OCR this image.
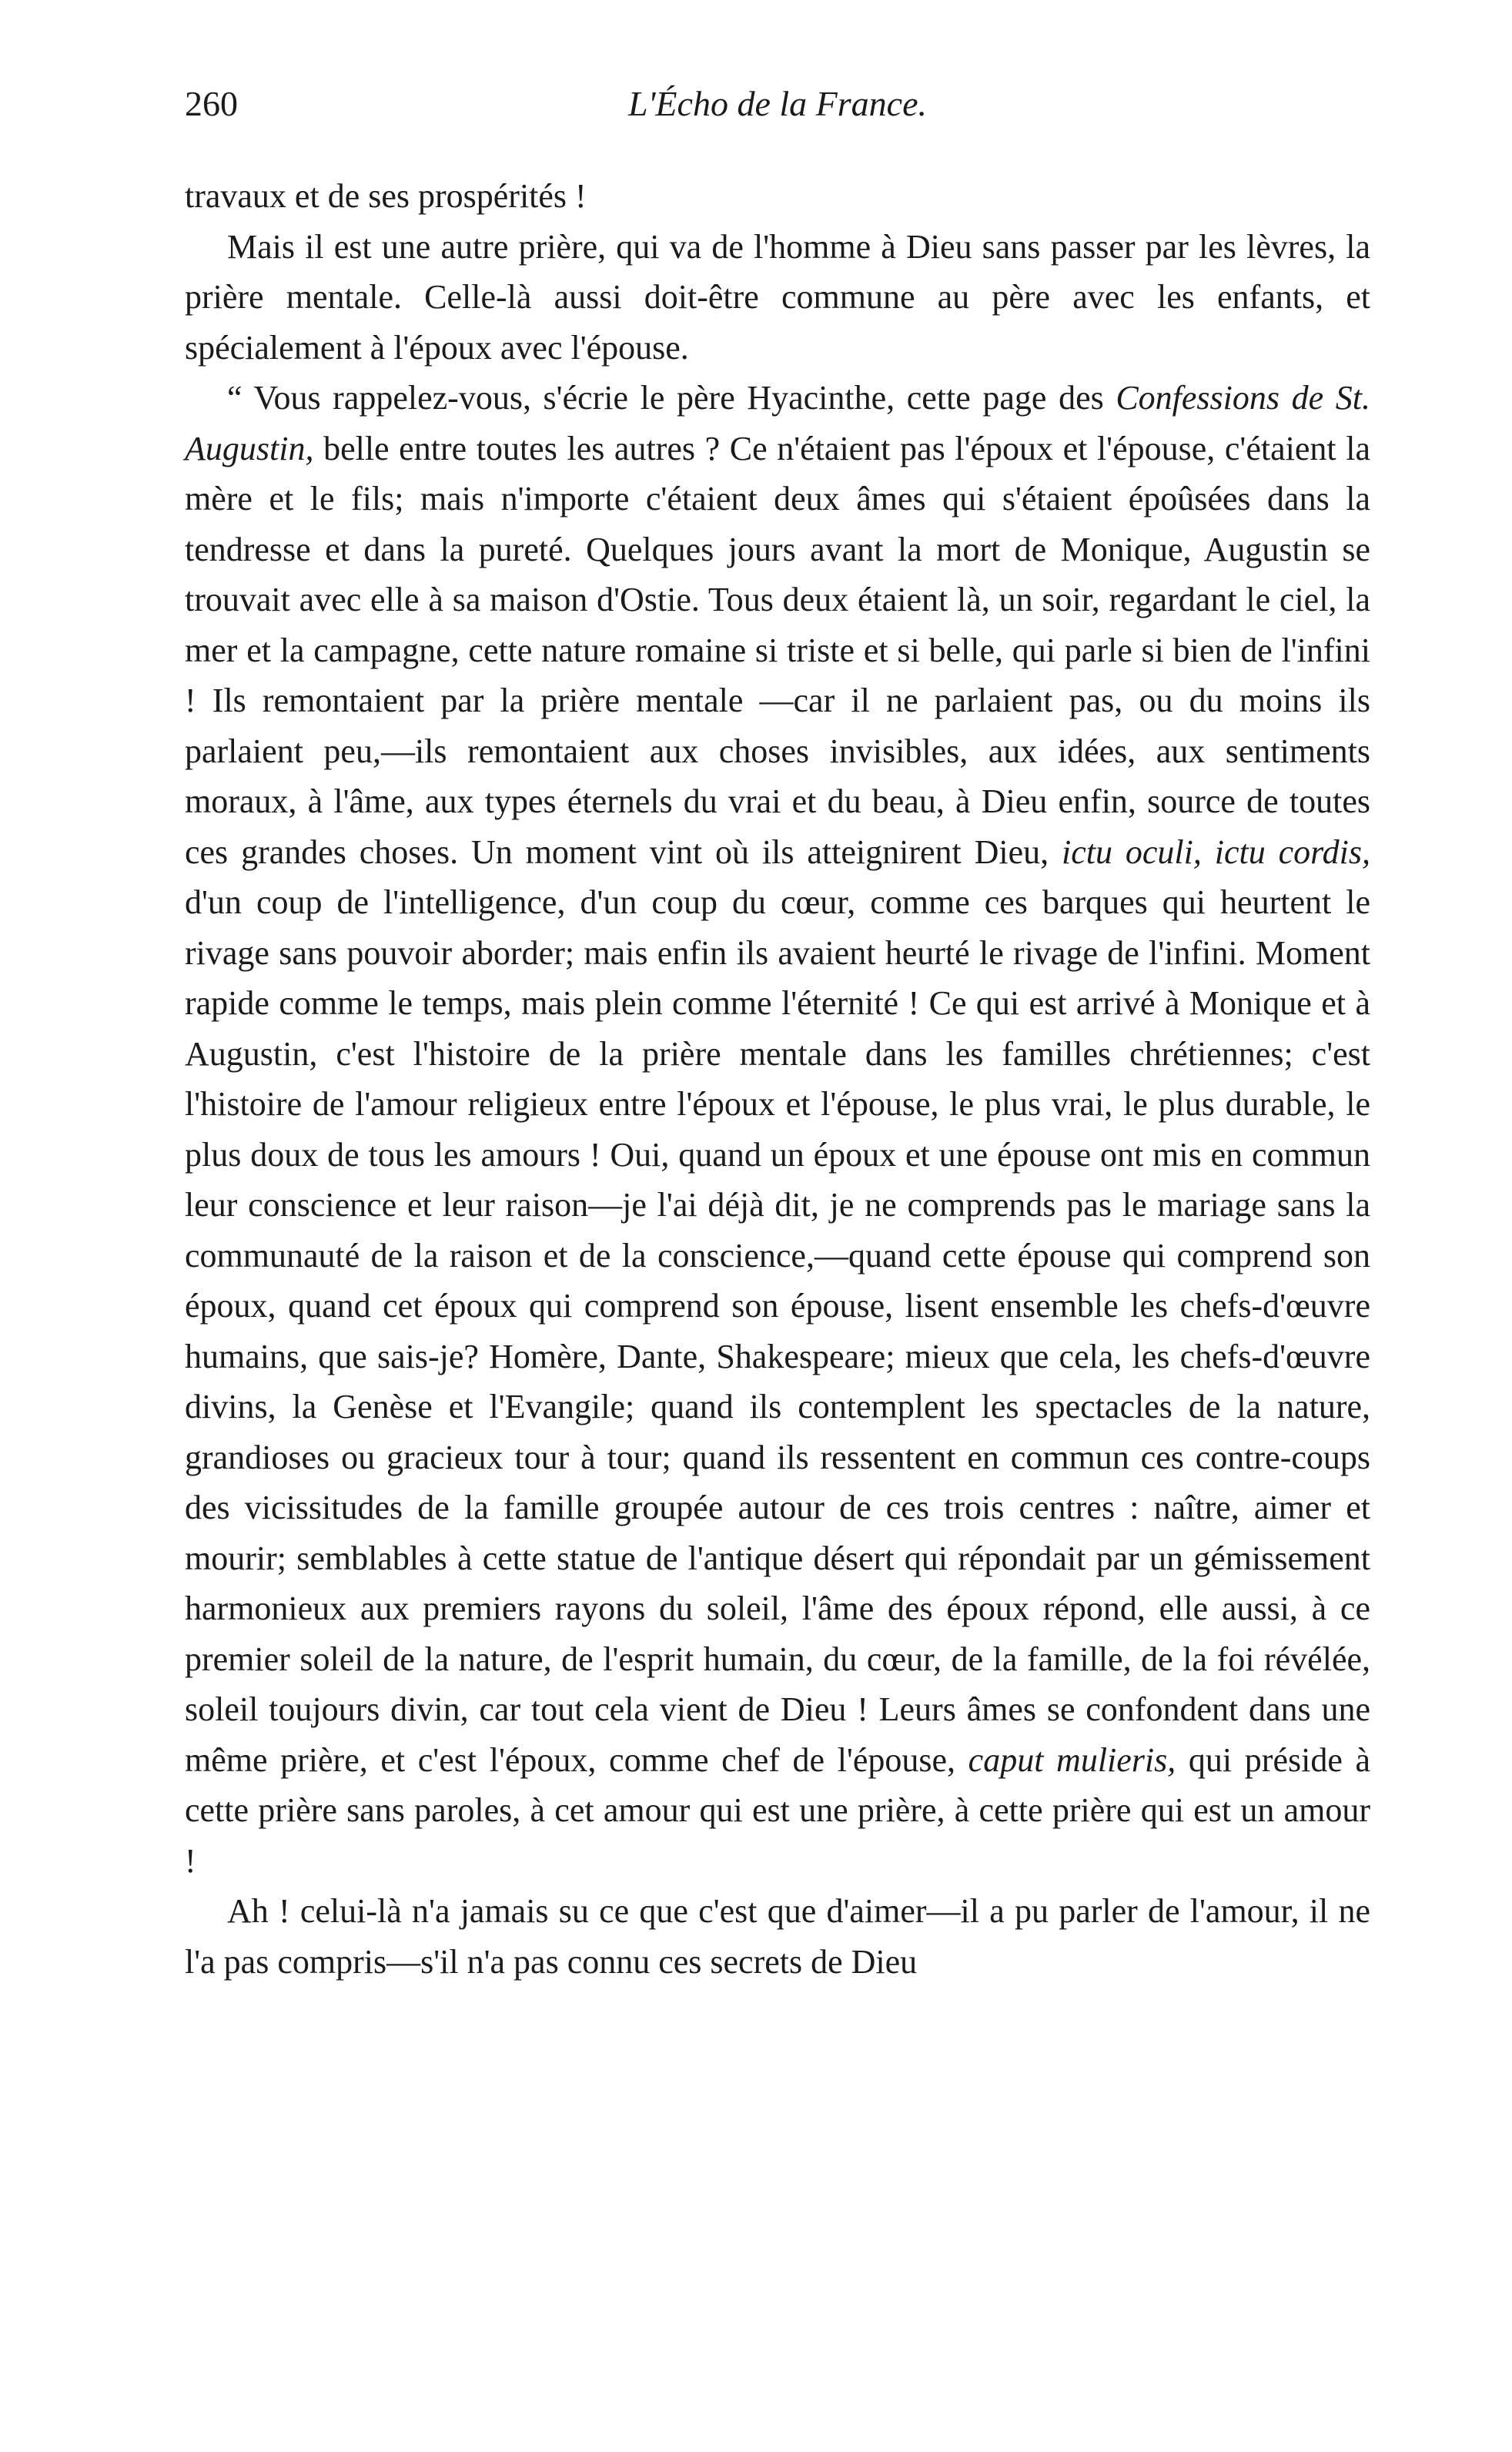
260	L'Écho de la France.

travaux et de ses prospérités !

Mais il est une autre prière, qui va de l'homme à Dieu sans passer par les lèvres, la prière mentale. Celle-là aussi doit-être commune au père avec les enfants, et spécialement à l'époux avec l'épouse.

“ Vous rappelez-vous, s'écrie le père Hyacinthe, cette page des Confessions de St. Augustin, belle entre toutes les autres ? Ce n'étaient pas l'époux et l'épouse, c'étaient la mère et le fils; mais n'importe c'étaient deux âmes qui s'étaient époûsées dans la tendresse et dans la pureté. Quelques jours avant la mort de Monique, Augustin se trouvait avec elle à sa maison d'Ostie. Tous deux étaient là, un soir, regardant le ciel, la mer et la campagne, cette nature romaine si triste et si belle, qui parle si bien de l'infini ! Ils remontaient par la prière mentale —car il ne parlaient pas, ou du moins ils parlaient peu,—ils remontaient aux choses invisibles, aux idées, aux sentiments moraux, à l'âme, aux types éternels du vrai et du beau, à Dieu enfin, source de toutes ces grandes choses. Un moment vint où ils atteignirent Dieu, ictu oculi, ictu cordis, d'un coup de l'intelligence, d'un coup du cœur, comme ces barques qui heurtent le rivage sans pouvoir aborder; mais enfin ils avaient heurté le rivage de l'infini. Moment rapide comme le temps, mais plein comme l'éternité ! Ce qui est arrivé à Monique et à Augustin, c'est l'histoire de la prière mentale dans les familles chrétiennes; c'est l'histoire de l'amour religieux entre l'époux et l'épouse, le plus vrai, le plus durable, le plus doux de tous les amours ! Oui, quand un époux et une épouse ont mis en commun leur conscience et leur raison—je l'ai déjà dit, je ne comprends pas le mariage sans la communauté de la raison et de la conscience,—quand cette épouse qui comprend son époux, quand cet époux qui comprend son épouse, lisent ensemble les chefs-d'œuvre humains, que sais-je? Homère, Dante, Shakespeare; mieux que cela, les chefs-d'œuvre divins, la Genèse et l'Evangile; quand ils contemplent les spectacles de la nature, grandioses ou gracieux tour à tour; quand ils ressentent en commun ces contre-coups des vicissitudes de la famille groupée autour de ces trois centres : naître, aimer et mourir; semblables à cette statue de l'antique désert qui répondait par un gémissement harmonieux aux premiers rayons du soleil, l'âme des époux répond, elle aussi, à ce premier soleil de la nature, de l'esprit humain, du cœur, de la famille, de la foi révélée, soleil toujours divin, car tout cela vient de Dieu ! Leurs âmes se confondent dans une même prière, et c'est l'époux, comme chef de l'épouse, caput mulieris, qui préside à cette prière sans paroles, à cet amour qui est une prière, à cette prière qui est un amour !

Ah ! celui-là n'a jamais su ce que c'est que d'aimer—il a pu parler de l'amour, il ne l'a pas compris—s'il n'a pas connu ces secrets de Dieu
